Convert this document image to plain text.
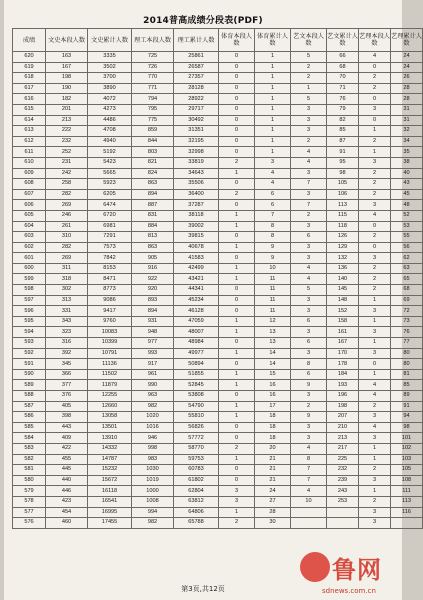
2014普高成绩分段表(PDF)
成绩	文史本段人数	文史累计人数	理工本段人数	理工累计人数	体育本段人数	体育累计人数	艺文本段人数	艺文累计人数	艺理本段人数	艺理累计人数
620	163	3335	725	25861	0	1	5	66	4	24
619	167	3502	726	26587	0	1	2	68	0	24
618	198	3700	770	27357	0	1	2	70	2	26
617	190	3890	771	28128	0	1	1	71	2	28
616	182	4072	794	28922	0	1	5	76	0	28
615	201	4273	795	29717	0	1	3	79	3	31
614	213	4486	775	30492	0	1	3	82	0	31
613	222	4708	859	31351	0	1	3	85	1	32
612	232	4940	844	32195	0	1	2	87	2	34
611	252	5192	803	32998	0	1	4	91	1	35
610	231	5423	821	33819	2	3	4	95	3	38
609	242	5665	824	34643	1	4	3	98	2	40
608	258	5923	863	35506	0	4	7	105	2	43
607	282	6205	894	36400	2	6	3	106	2	45
606	269	6474	887	37287	0	6	7	113	3	48
605	246	6720	831	38118	1	7	2	115	4	52
604	261	6981	884	39002	1	8	3	118	0	53
603	310	7291	813	39815	0	8	6	126	2	55
602	282	7573	863	40678	1	9	3	129	0	56
601	269	7842	905	41583	0	9	3	132	3	62
600	311	8153	916	42499	1	10	4	136	2	63
599	318	8471	922	43421	1	11	4	140	2	65
598	302	8773	920	44341	0	11	5	145	2	68
597	313	9086	893	45234	0	11	3	148	1	69
596	331	9417	894	46128	0	11	3	152	3	72
595	343	9760	931	47059	1	12	6	158	1	73
594	323	10083	948	48007	1	13	3	161	3	76
593	316	10399	977	48984	0	13	6	167	1	77
592	392	10791	993	49977	1	14	3	170	3	80
591	345	11136	917	50894	0	14	8	178	0	80
590	366	11502	961	51855	1	15	6	184	1	81
589	377	11879	990	52845	1	16	9	193	4	85
588	376	12255	963	53808	0	16	3	196	4	89
587	405	12660	982	54790	1	17	2	198	2	91
586	398	13058	1020	55810	1	18	9	207	3	94
585	443	13501	1016	56826	0	18	3	210	4	98
584	409	13910	946	57772	0	18	3	213	3	101
583	422	14332	998	58770	2	20	4	217	1	102
582	455	14787	983	59753	1	21	8	225	1	103
581	445	15232	1030	60783	0	21	7	232	2	105
580	440	15672	1019	61802	0	21	7	239	3	108
579	446	16118	1000	62804	3	24	4	243	1	111
578	423	16541	1008	63812	3	27	10	253	2	113
577	454	16995	994	64806	1	28			3	116
576	460	17455	982	65788	2	30			3	
鲁网
sdnews.com.cn
第3页,共12页
